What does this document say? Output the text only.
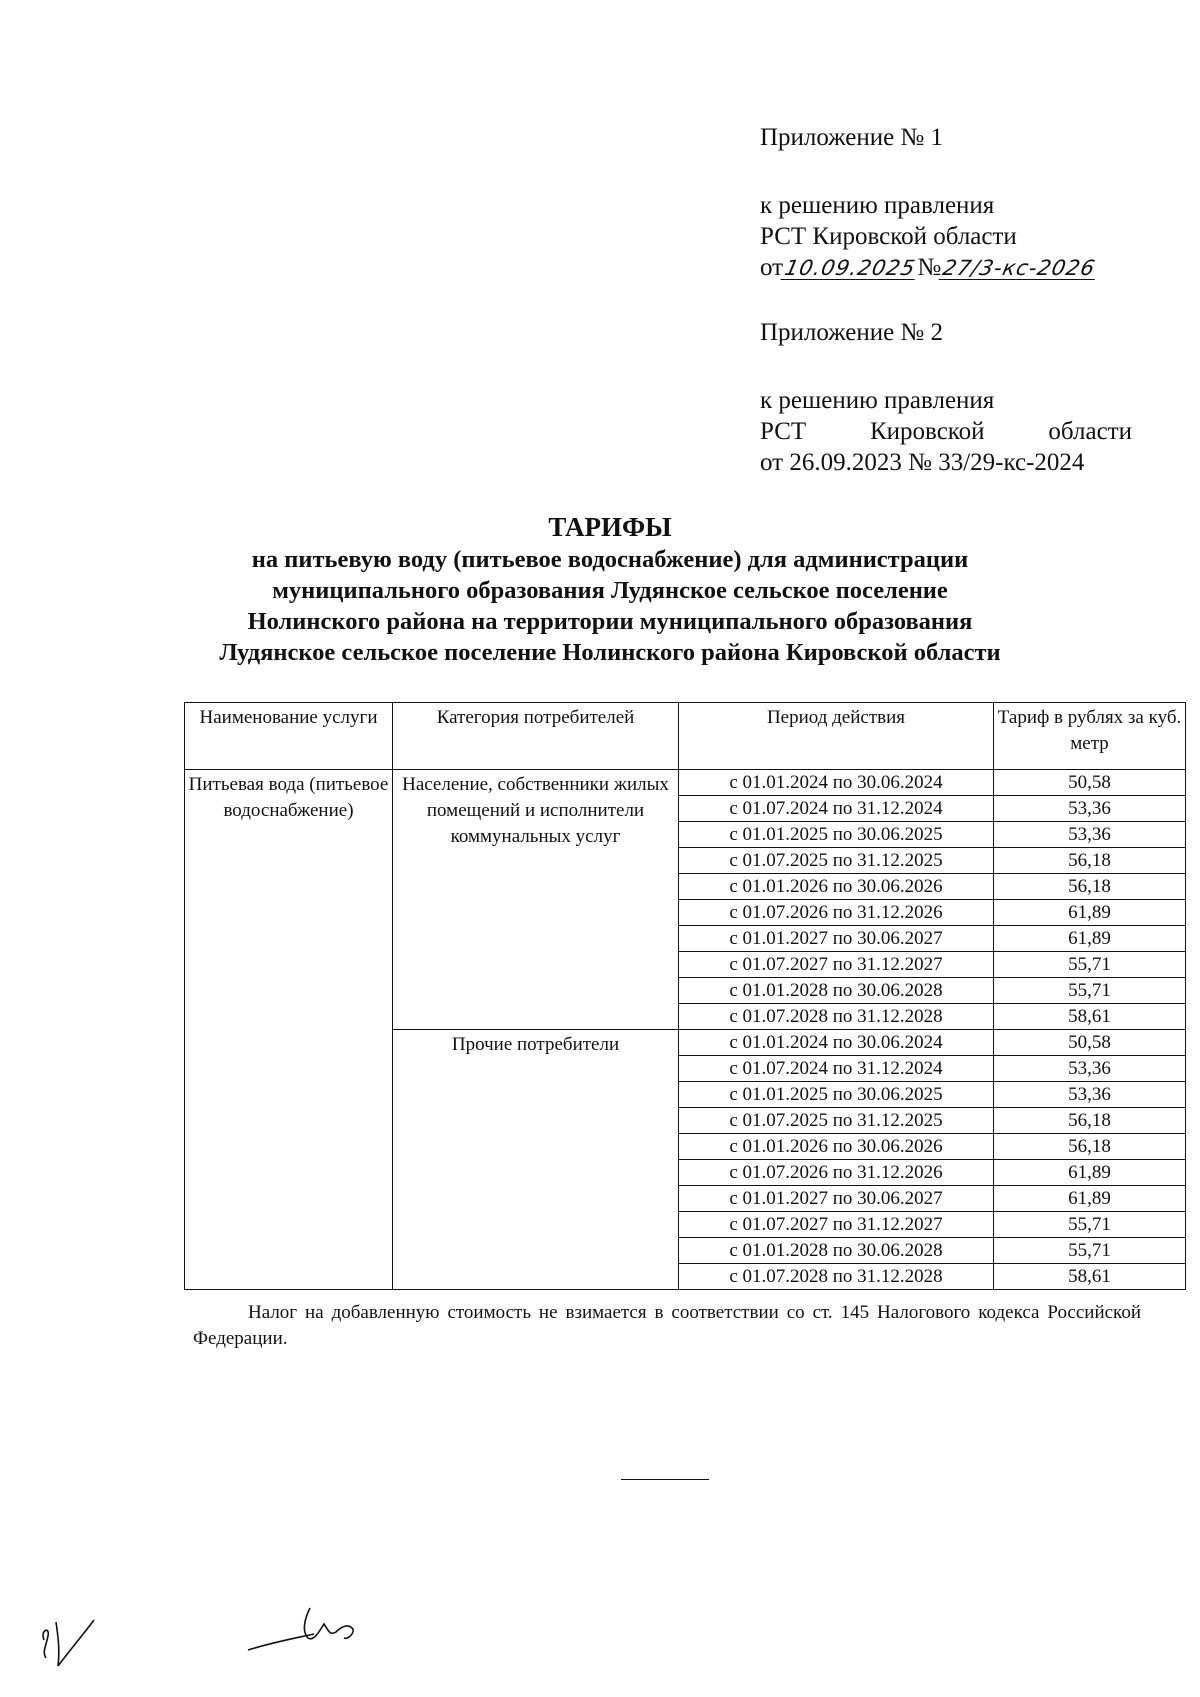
Приложение № 1
к решению правления
РСТ Кировской области
от10.09.2025№27/3-кс-2026
Приложение № 2
к решению правления
РСТ	Кировской	области
от 26.09.2023 № 33/29-кс-2024
ТАРИФЫ
на питьевую воду (питьевое водоснабжение) для администрации
муниципального образования Лудянское сельское поселение
Нолинского района на территории муниципального образования
Лудянское сельское поселение Нолинского района Кировской области
Наименование услуги	Категория потребителей	Период действия	Тариф в рублях за куб. метр
Питьевая вода (питьевое водоснабжение)	Население, собственники жилых помещений и исполнители коммунальных услуг	с 01.01.2024 по 30.06.2024	50,58
		с 01.07.2024 по 31.12.2024	53,36
		с 01.01.2025 по 30.06.2025	53,36
		с 01.07.2025 по 31.12.2025	56,18
		с 01.01.2026 по 30.06.2026	56,18
		с 01.07.2026 по 31.12.2026	61,89
		с 01.01.2027 по 30.06.2027	61,89
		с 01.07.2027 по 31.12.2027	55,71
		с 01.01.2028 по 30.06.2028	55,71
		с 01.07.2028 по 31.12.2028	58,61
	Прочие потребители	с 01.01.2024 по 30.06.2024	50,58
		с 01.07.2024 по 31.12.2024	53,36
		с 01.01.2025 по 30.06.2025	53,36
		с 01.07.2025 по 31.12.2025	56,18
		с 01.01.2026 по 30.06.2026	56,18
		с 01.07.2026 по 31.12.2026	61,89
		с 01.01.2027 по 30.06.2027	61,89
		с 01.07.2027 по 31.12.2027	55,71
		с 01.01.2028 по 30.06.2028	55,71
		с 01.07.2028 по 31.12.2028	58,61
Налог на добавленную стоимость не взимается в соответствии со ст. 145 Налогового кодекса Российской Федерации.
